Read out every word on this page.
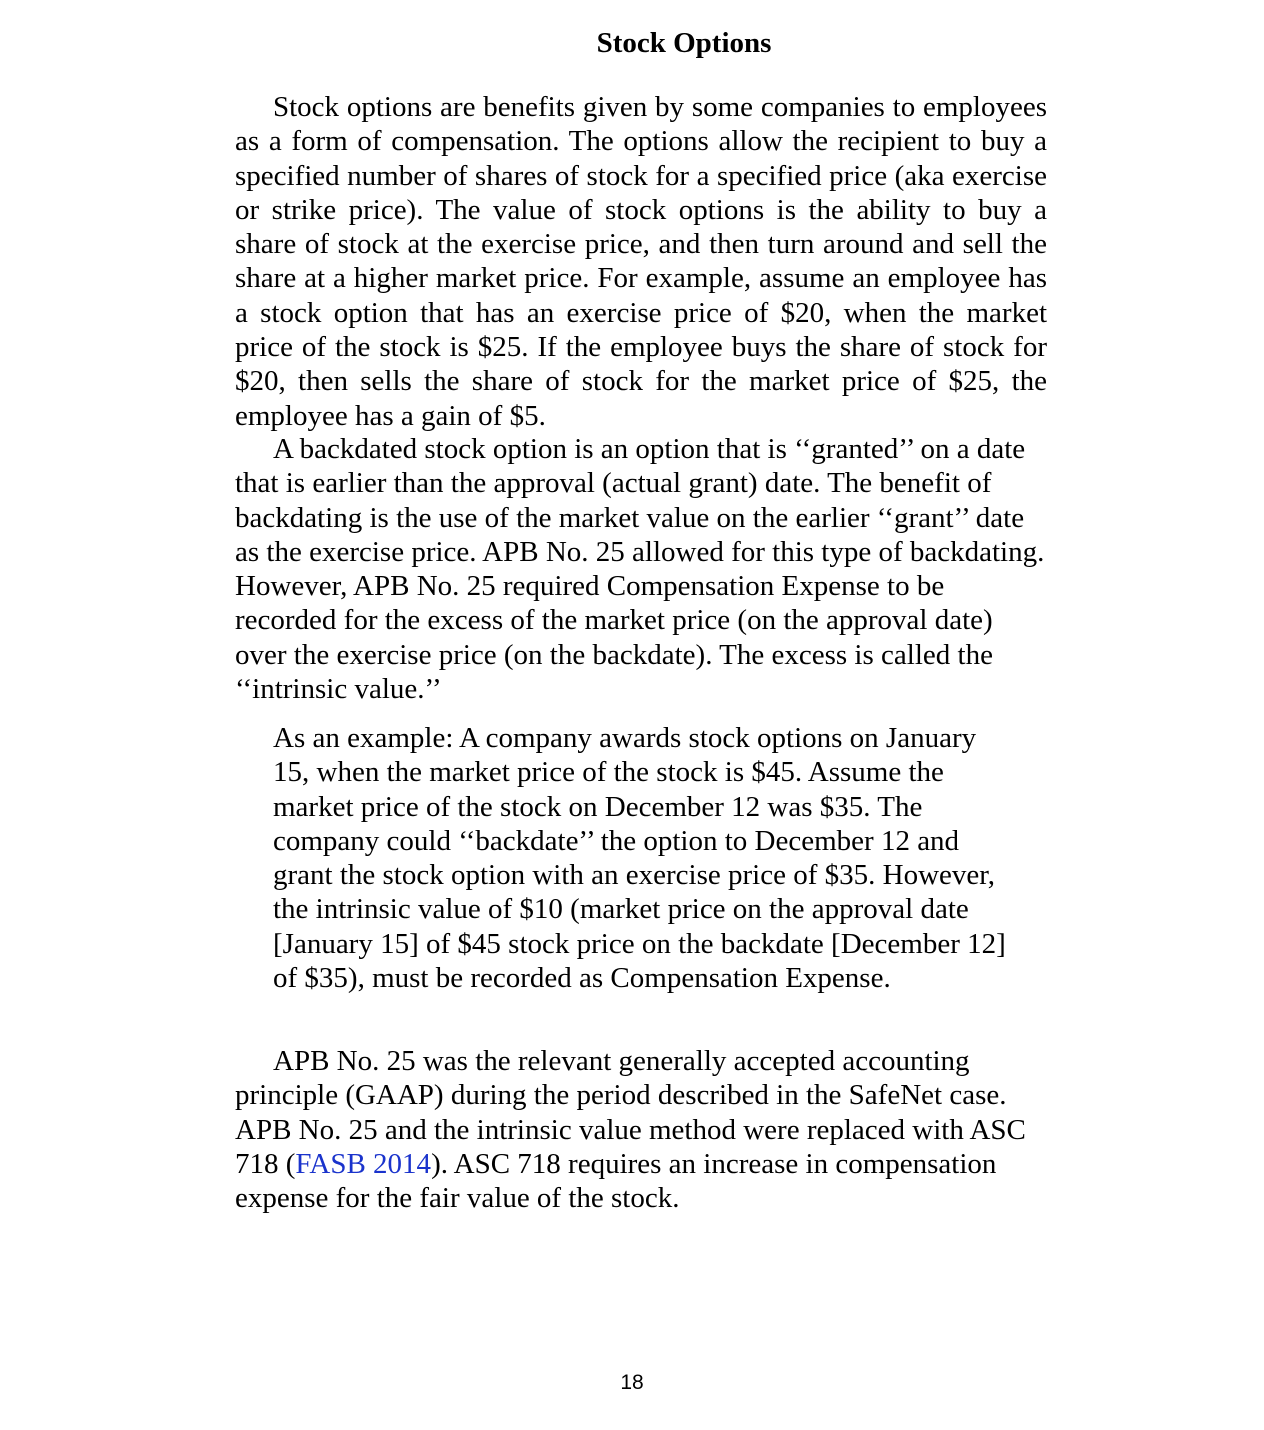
Stock Options

Stock options are benefits given by some companies to employees as a form of compensation. The options allow the recipient to buy a specified number of shares of stock for a specified price (aka exercise or strike price). The value of stock options is the ability to buy a share of stock at the exercise price, and then turn around and sell the share at a higher market price. For example, assume an employee has a stock option that has an exercise price of $20, when the market price of the stock is $25. If the employee buys the share of stock for $20, then sells the share of stock for the market price of $25, the employee has a gain of $5.

A backdated stock option is an option that is ‘‘granted’’ on a date that is earlier than the approval (actual grant) date. The benefit of backdating is the use of the market value on the earlier ‘‘grant’’ date as the exercise price. APB No. 25 allowed for this type of backdating. However, APB No. 25 required Compensation Expense to be recorded for the excess of the market price (on the approval date) over the exercise price (on the backdate). The excess is called the ‘‘intrinsic value.’’

As an example: A company awards stock options on January 15, when the market price of the stock is $45. Assume the market price of the stock on December 12 was $35. The company could ‘‘backdate’’ the option to December 12 and grant the stock option with an exercise price of $35. However, the intrinsic value of $10 (market price on the approval date [January 15] of $45 stock price on the backdate [December 12] of $35), must be recorded as Compensation Expense.

APB No. 25 was the relevant generally accepted accounting principle (GAAP) during the period described in the SafeNet case. APB No. 25 and the intrinsic value method were replaced with ASC 718 (FASB 2014). ASC 718 requires an increase in compensation expense for the fair value of the stock.

18
